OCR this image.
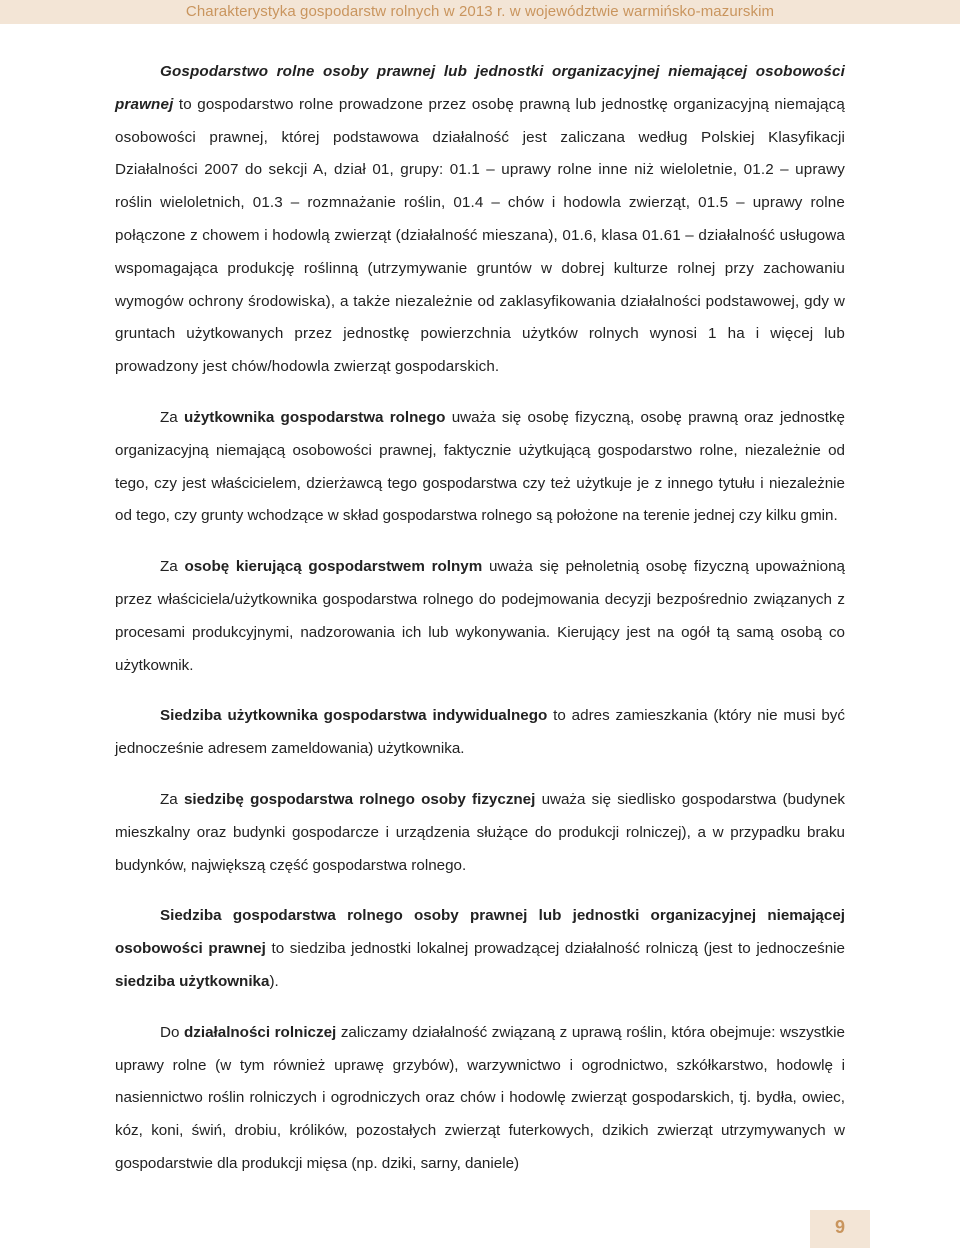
Charakterystyka gospodarstw rolnych w 2013 r. w województwie warmińsko-mazurskim

Gospodarstwo rolne osoby prawnej lub jednostki organizacyjnej niemającej osobowości prawnej to gospodarstwo rolne prowadzone przez osobę prawną lub jednostkę organizacyjną niemającą osobowości prawnej, której podstawowa działalność jest zaliczana według Polskiej Klasyfikacji Działalności 2007 do sekcji A, dział 01, grupy: 01.1 – uprawy rolne inne niż wieloletnie, 01.2 – uprawy roślin wieloletnich, 01.3 – rozmnażanie roślin, 01.4 – chów i hodowla zwierząt, 01.5 – uprawy rolne połączone z chowem i hodowlą zwierząt (działalność mieszana), 01.6, klasa 01.61 – działalność usługowa wspomagająca produkcję roślinną (utrzymywanie gruntów w dobrej kulturze rolnej przy zachowaniu wymogów ochrony środowiska), a także niezależnie od zaklasyfikowania działalności podstawowej, gdy w gruntach użytkowanych przez jednostkę powierzchnia użytków rolnych wynosi 1 ha i więcej lub prowadzony jest chów/hodowla zwierząt gospodarskich.

Za użytkownika gospodarstwa rolnego uważa się osobę fizyczną, osobę prawną oraz jednostkę organizacyjną niemającą osobowości prawnej, faktycznie użytkującą gospodarstwo rolne, niezależnie od tego, czy jest właścicielem, dzierżawcą tego gospodarstwa czy też użytkuje je z innego tytułu i niezależnie od tego, czy grunty wchodzące w skład gospodarstwa rolnego są położone na terenie jednej czy kilku gmin.

Za osobę kierującą gospodarstwem rolnym uważa się pełnoletnią osobę fizyczną upoważnioną przez właściciela/użytkownika gospodarstwa rolnego do podejmowania decyzji bezpośrednio związanych z procesami produkcyjnymi, nadzorowania ich lub wykonywania. Kierujący jest na ogół tą samą osobą co użytkownik.

Siedziba użytkownika gospodarstwa indywidualnego to adres zamieszkania (który nie musi być jednocześnie adresem zameldowania) użytkownika.

Za siedzibę gospodarstwa rolnego osoby fizycznej uważa się siedlisko gospodarstwa (budynek mieszkalny oraz budynki gospodarcze i urządzenia służące do produkcji rolniczej), a w przypadku braku budynków, największą część gospodarstwa rolnego.

Siedziba gospodarstwa rolnego osoby prawnej lub jednostki organizacyjnej niemającej osobowości prawnej to siedziba jednostki lokalnej prowadzącej działalność rolniczą (jest to jednocześnie siedziba użytkownika).

Do działalności rolniczej zaliczamy działalność związaną z uprawą roślin, która obejmuje: wszystkie uprawy rolne (w tym również uprawę grzybów), warzywnictwo i ogrodnictwo, szkółkarstwo, hodowlę i nasiennictwo roślin rolniczych i ogrodniczych oraz chów i hodowlę zwierząt gospodarskich, tj. bydła, owiec, kóz, koni, świń, drobiu, królików, pozostałych zwierząt futerkowych, dzikich zwierząt utrzymywanych w gospodarstwie dla produkcji mięsa (np. dziki, sarny, daniele)

9
